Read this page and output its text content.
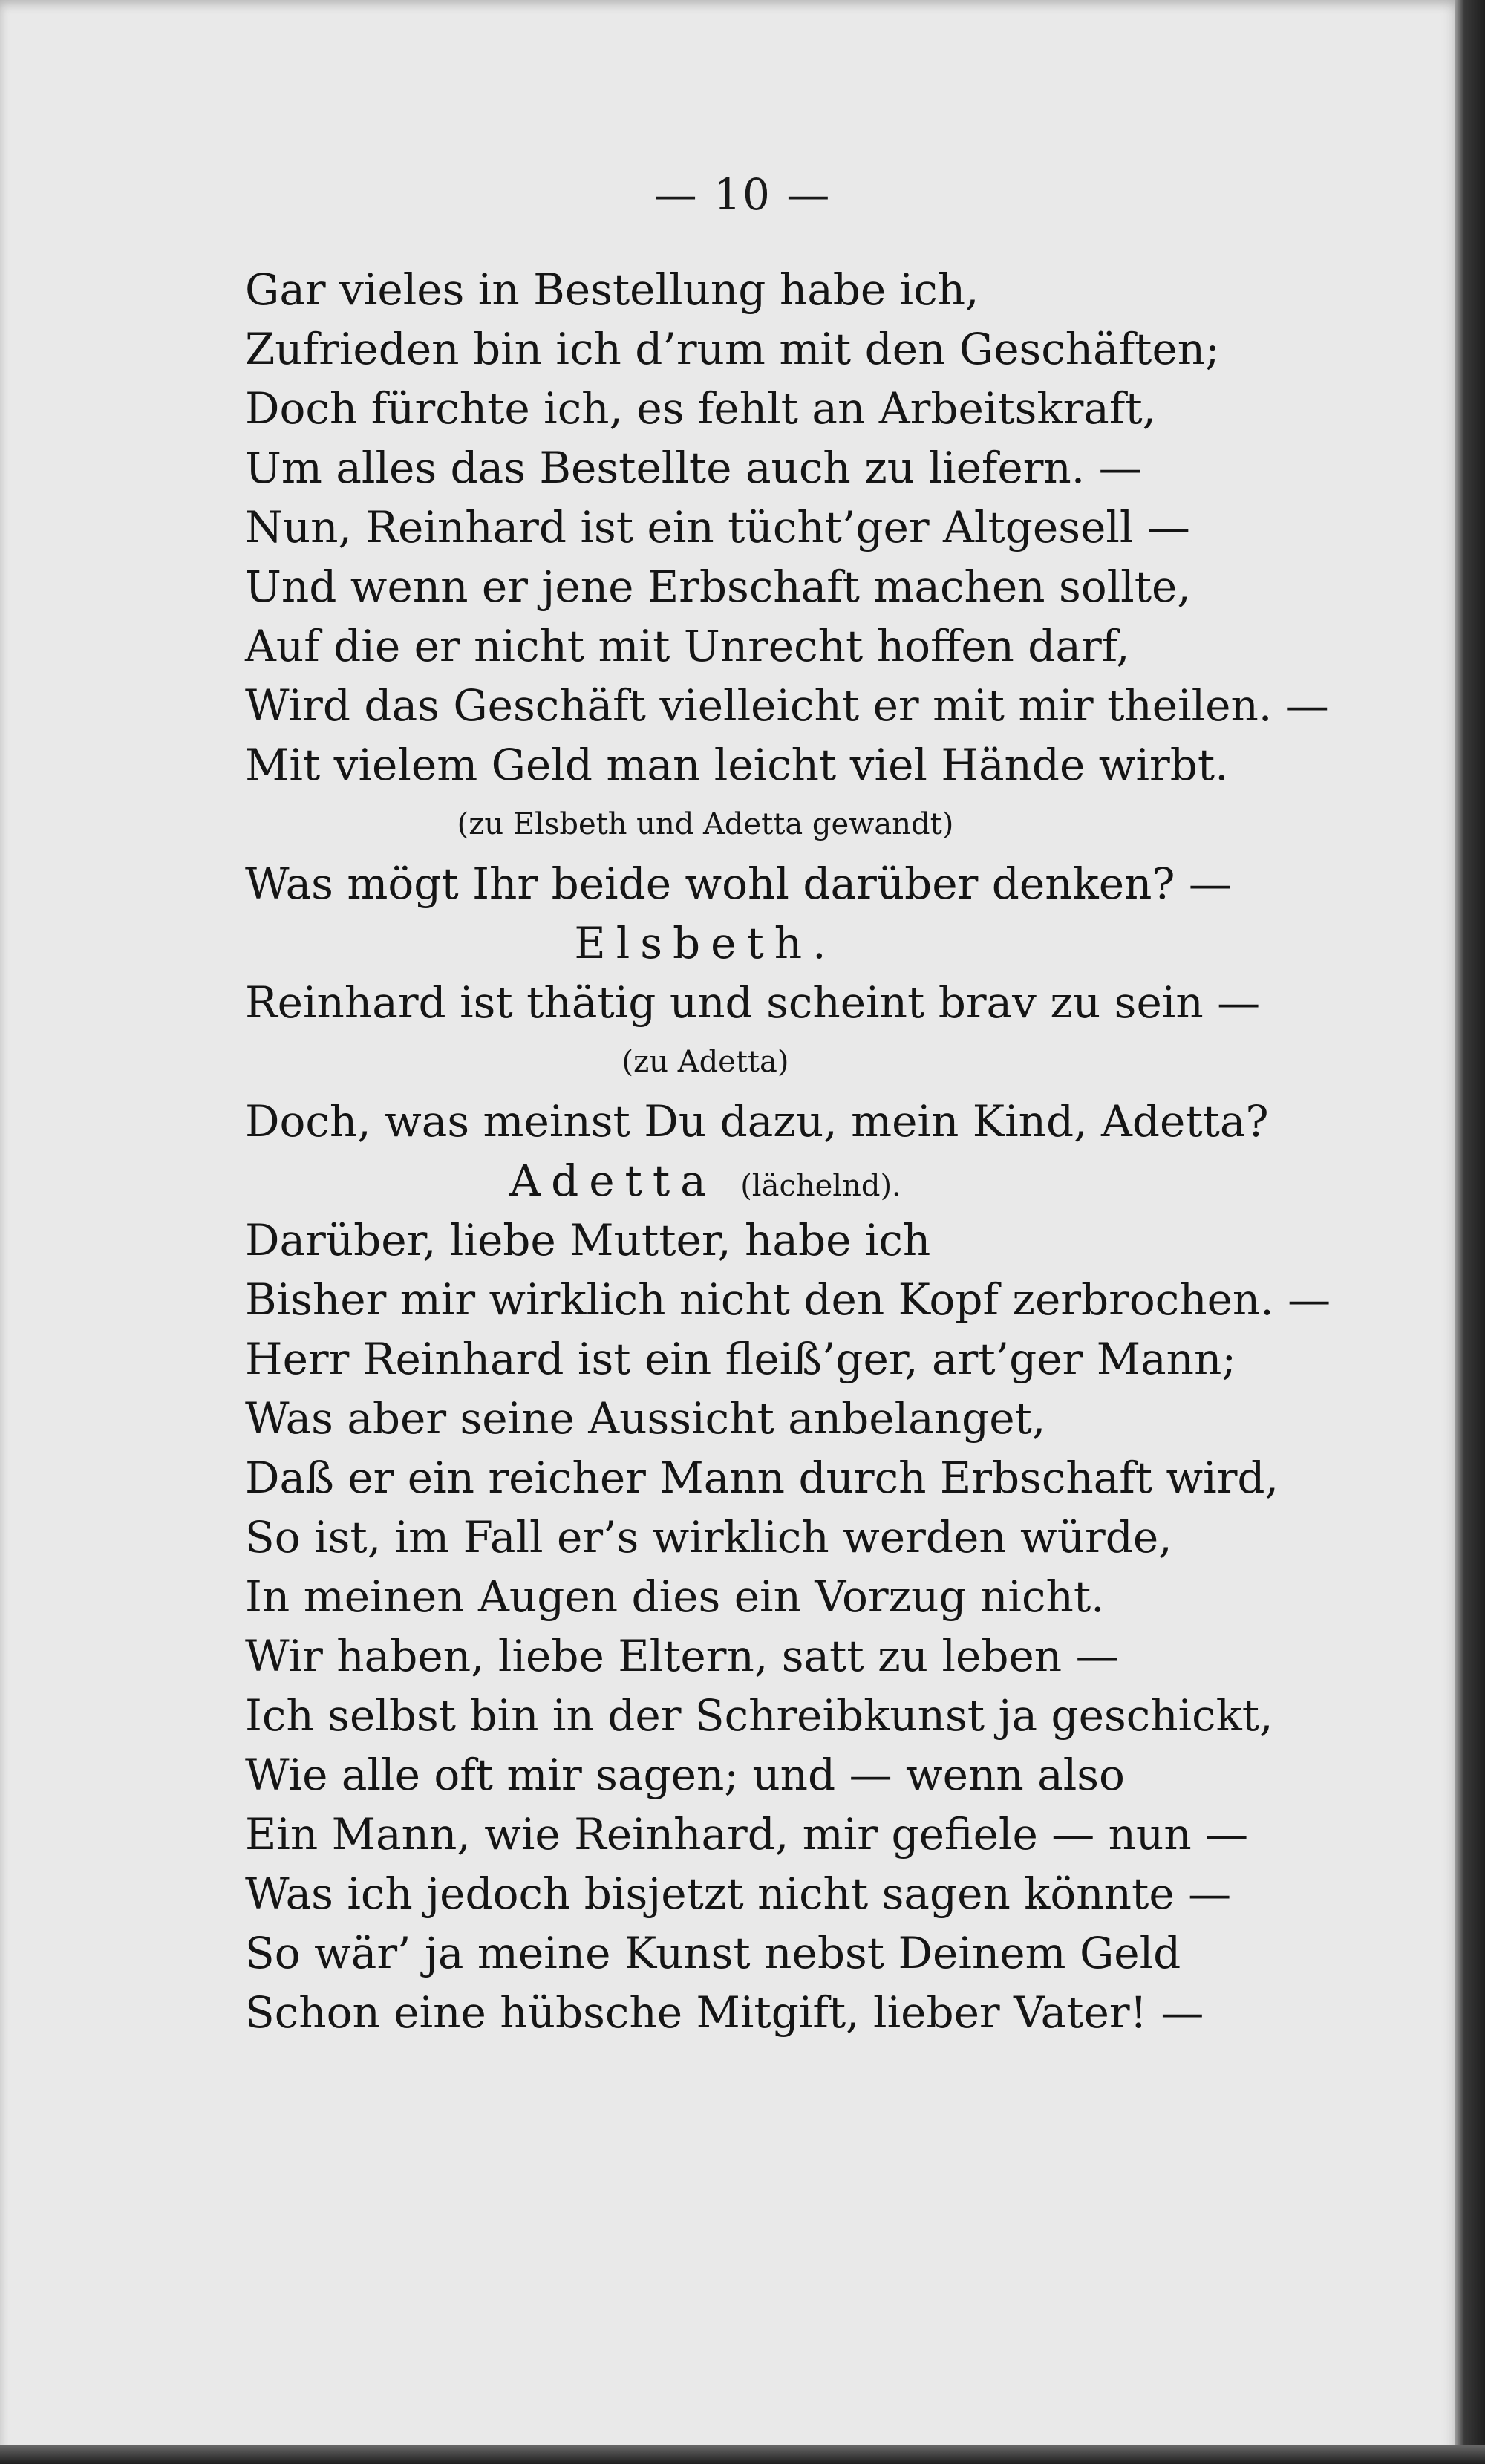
— 10 —
Gar vieles in Bestellung habe ich,
Zufrieden bin ich d’rum mit den Geschäften;
Doch fürchte ich, es fehlt an Arbeitskraft,
Um alles das Bestellte auch zu liefern. —
Nun, Reinhard ist ein tücht’ger Altgesell —
Und wenn er jene Erbschaft machen sollte,
Auf die er nicht mit Unrecht hoffen darf,
Wird das Geschäft vielleicht er mit mir theilen. —
Mit vielem Geld man leicht viel Hände wirbt.
(zu Elsbeth und Adetta gewandt)
Was mögt Ihr beide wohl darüber denken? —
Elsbeth.
Reinhard ist thätig und scheint brav zu sein —
(zu Adetta)
Doch, was meinst Du dazu, mein Kind, Adetta?
Adetta (lächelnd).
Darüber, liebe Mutter, habe ich
Bisher mir wirklich nicht den Kopf zerbrochen. —
Herr Reinhard ist ein fleiß’ger, art’ger Mann;
Was aber seine Aussicht anbelanget,
Daß er ein reicher Mann durch Erbschaft wird,
So ist, im Fall er’s wirklich werden würde,
In meinen Augen dies ein Vorzug nicht.
Wir haben, liebe Eltern, satt zu leben —
Ich selbst bin in der Schreibkunst ja geschickt,
Wie alle oft mir sagen; und — wenn also
Ein Mann, wie Reinhard, mir gefiele — nun —
Was ich jedoch bisjetzt nicht sagen könnte —
So wär’ ja meine Kunst nebst Deinem Geld
Schon eine hübsche Mitgift, lieber Vater! —
